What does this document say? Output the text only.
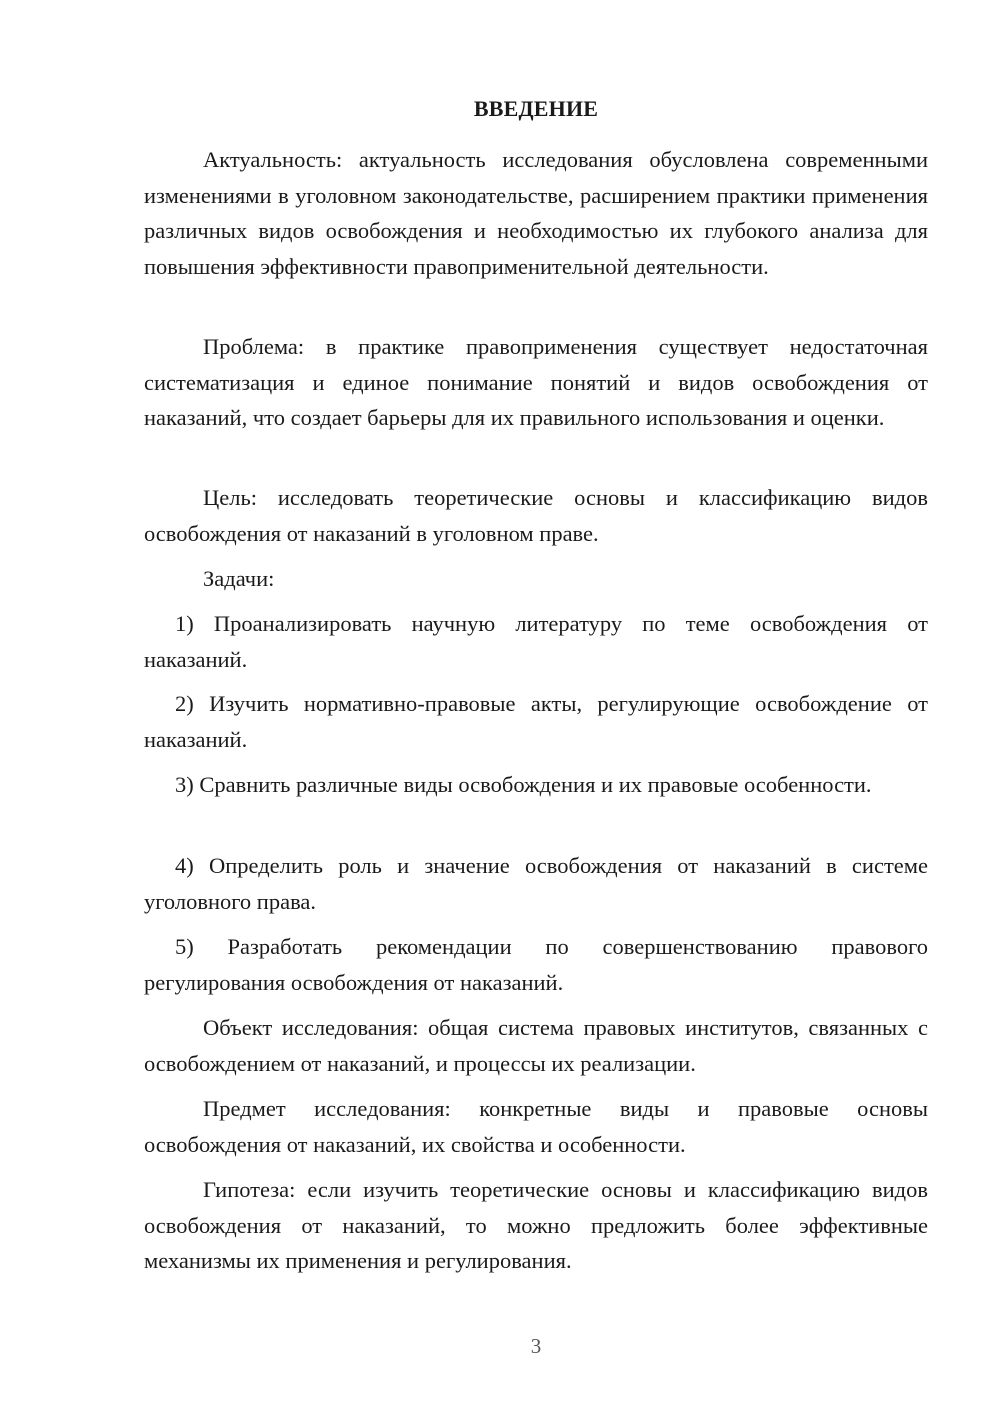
ВВЕДЕНИЕ

Актуальность: актуальность исследования обусловлена современными изменениями в уголовном законодательстве, расширением практики применения различных видов освобождения и необходимостью их глубокого анализа для повышения эффективности правоприменительной деятельности.

Проблема: в практике правоприменения существует недостаточная систематизация и единое понимание понятий и видов освобождения от наказаний, что создает барьеры для их правильного использования и оценки.

Цель: исследовать теоретические основы и классификацию видов освобождения от наказаний в уголовном праве.

Задачи:

1) Проанализировать научную литературу по теме освобождения от наказаний.

2) Изучить нормативно-правовые акты, регулирующие освобождение от наказаний.

3) Сравнить различные виды освобождения и их правовые особенности.

4) Определить роль и значение освобождения от наказаний в системе уголовного права.

5) Разработать рекомендации по совершенствованию правового регулирования освобождения от наказаний.

Объект исследования: общая система правовых институтов, связанных с освобождением от наказаний, и процессы их реализации.

Предмет исследования: конкретные виды и правовые основы освобождения от наказаний, их свойства и особенности.

Гипотеза: если изучить теоретические основы и классификацию видов освобождения от наказаний, то можно предложить более эффективные механизмы их применения и регулирования.

3
